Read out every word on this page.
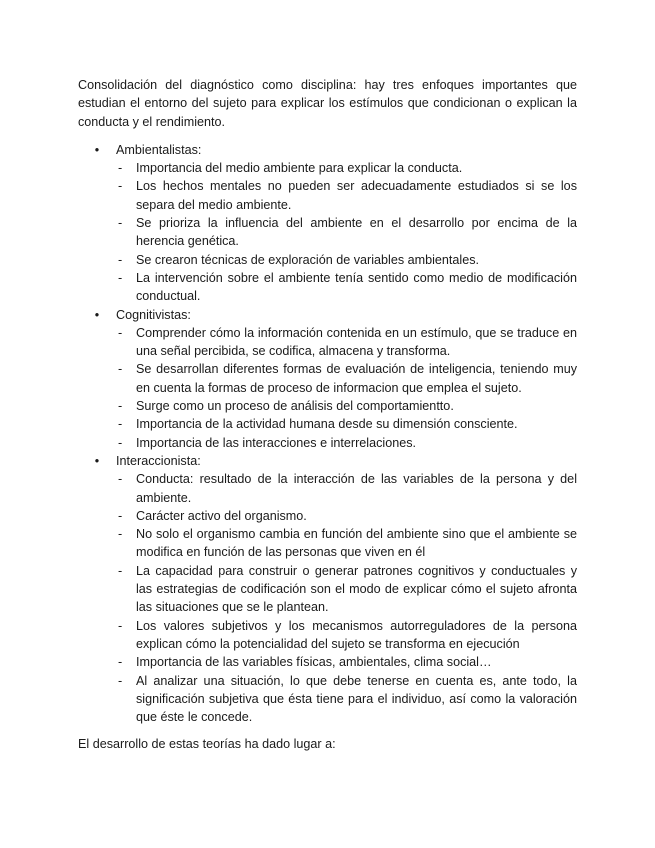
Consolidación del diagnóstico como disciplina: hay tres enfoques importantes que estudian el entorno del sujeto para explicar los estímulos que condicionan o explican la conducta y el rendimiento.

• Ambientalistas:
- Importancia del medio ambiente para explicar la conducta.
- Los hechos mentales no pueden ser adecuadamente estudiados si se los separa del medio ambiente.
- Se prioriza la influencia del ambiente en el desarrollo por encima de la herencia genética.
- Se crearon técnicas de exploración de variables ambientales.
- La intervención sobre el ambiente tenía sentido como medio de modificación conductual.
• Cognitivistas:
- Comprender cómo la información contenida en un estímulo, que se traduce en una señal percibida, se codifica, almacena y transforma.
- Se desarrollan diferentes formas de evaluación de inteligencia, teniendo muy en cuenta la formas de proceso de informacion que emplea el sujeto.
- Surge como un proceso de análisis del comportamientto.
- Importancia de la actividad humana desde su dimensión consciente.
- Importancia de las interacciones e interrelaciones.
• Interaccionista:
- Conducta: resultado de la interacción de las variables de la persona y del ambiente.
- Carácter activo del organismo.
- No solo el organismo cambia en función del ambiente sino que el ambiente se modifica en función de las personas que viven en él
- La capacidad para construir o generar patrones cognitivos y conductuales y las estrategias de codificación son el modo de explicar cómo el sujeto afronta las situaciones que se le plantean.
- Los valores subjetivos y los mecanismos autorreguladores de la persona explican cómo la potencialidad del sujeto se transforma en ejecución
- Importancia de las variables físicas, ambientales, clima social…
- Al analizar una situación, lo que debe tenerse en cuenta es, ante todo, la significación subjetiva que ésta tiene para el individuo, así como la valoración que éste le concede.

El desarrollo de estas teorías ha dado lugar a:
